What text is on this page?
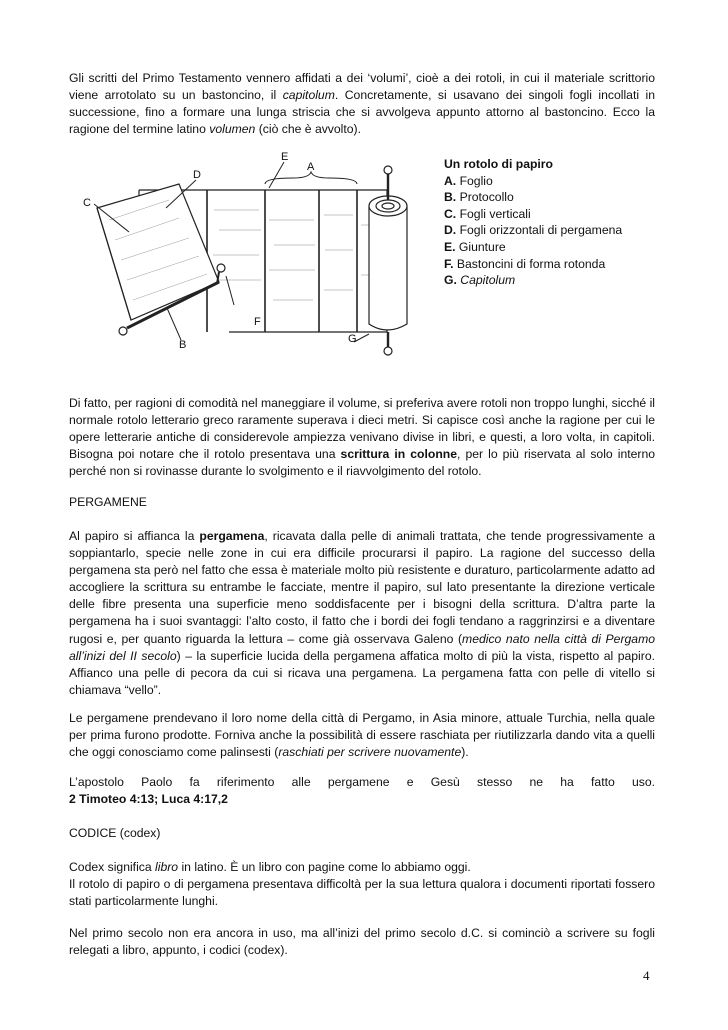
Gli scritti del Primo Testamento vennero affidati a dei ‘volumi’, cioè a dei rotoli, in cui il materiale scrittorio viene arrotolato su un bastoncino, il capitolum. Concretamente, si usavano dei singoli fogli incollati in successione, fino a formare una lunga striscia che si avvolgeva appunto attorno al bastoncino. Ecco la ragione del termine latino volumen (ciò che è avvolto).

E
A
D
C
F
G
B
Un rotolo di papiro
A. Foglio
B. Protocollo
C. Fogli verticali
D. Fogli orizzontali di pergamena
E. Giunture
F. Bastoncini di forma rotonda
G. Capitolum

Di fatto, per ragioni di comodità nel maneggiare il volume, si preferiva avere rotoli non troppo lunghi, sicché il normale rotolo letterario greco raramente superava i dieci metri. Si capisce così anche la ragione per cui le opere letterarie antiche di considerevole ampiezza venivano divise in libri, e questi, a loro volta, in capitoli. Bisogna poi notare che il rotolo presentava una scrittura in colonne, per lo più riservata al solo interno perché non si rovinasse durante lo svolgimento e il riavvolgimento del rotolo.

PERGAMENE

Al papiro si affianca la pergamena, ricavata dalla pelle di animali trattata, che tende progressivamente a soppiantarlo, specie nelle zone in cui era difficile procurarsi il papiro. La ragione del successo della pergamena sta però nel fatto che essa è materiale molto più resistente e duraturo, particolarmente adatto ad accogliere la scrittura su entrambe le facciate, mentre il papiro, sul lato presentante la direzione verticale delle fibre presenta una superficie meno soddisfacente per i bisogni della scrittura. D’altra parte la pergamena ha i suoi svantaggi: l’alto costo, il fatto che i bordi dei fogli tendano a raggrinzirsi e a diventare rugosi e, per quanto riguarda la lettura – come già osservava Galeno (medico nato nella città di Pergamo all’inizi del II secolo) – la superficie lucida della pergamena affatica molto di più la vista, rispetto al papiro. Affianco una pelle di pecora da cui si ricava una pergamena. La pergamena fatta con pelle di vitello si chiamava “vello”.

Le pergamene prendevano il loro nome della città di Pergamo, in Asia minore, attuale Turchia, nella quale per prima furono prodotte. Forniva anche la possibilità di essere raschiata per riutilizzarla dando vita a quelli che oggi conosciamo come palinsesti (raschiati per scrivere nuovamente).

L’apostolo Paolo fa riferimento alle pergamene e Gesù stesso ne ha fatto uso.

2 Timoteo 4:13; Luca 4:17,2

CODICE (codex)

Codex significa libro in latino. È un libro con pagine come lo abbiamo oggi.

Il rotolo di papiro o di pergamena presentava difficoltà per la sua lettura qualora i documenti riportati fossero stati particolarmente lunghi.

Nel primo secolo non era ancora in uso, ma all’inizi del primo secolo d.C. si cominciò a scrivere su fogli relegati a libro, appunto, i codici (codex).

4
